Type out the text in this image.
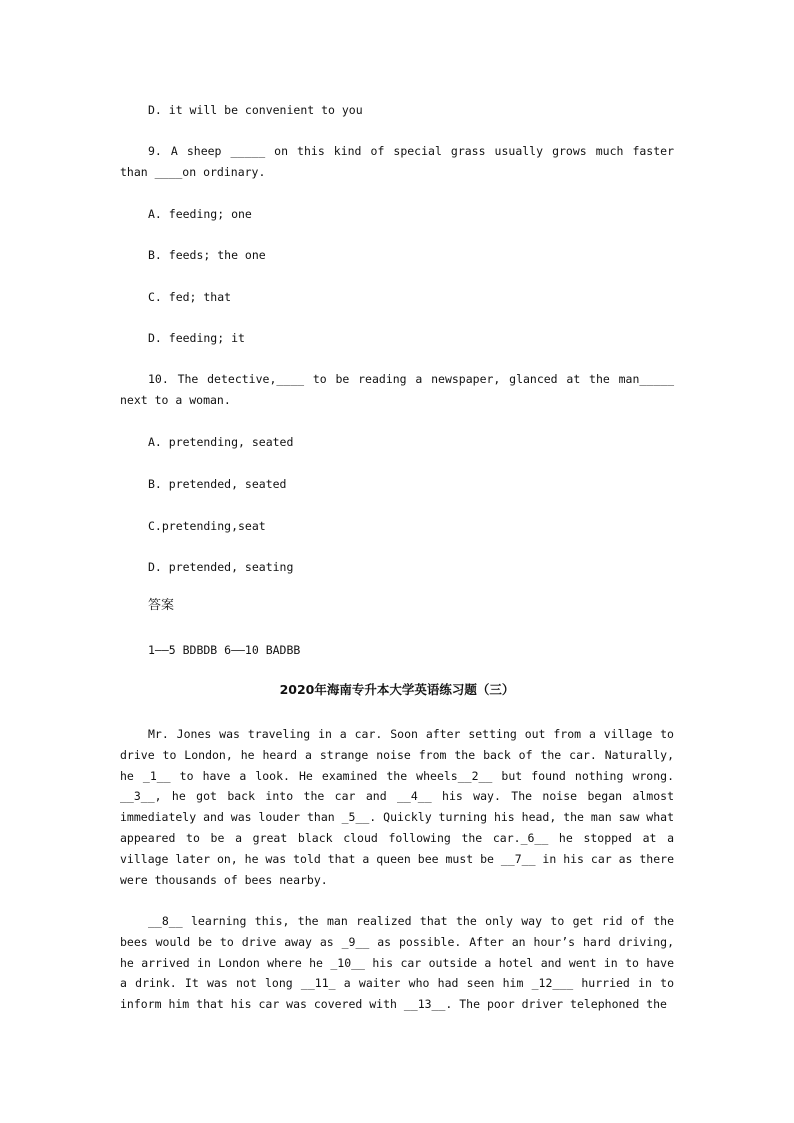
D. it will be convenient to you
9. A sheep _____ on this kind of special grass usually grows much faster than ____on ordinary.
A. feeding; one
B. feeds; the one
C. fed; that
D. feeding; it
10. The detective,____ to be reading a newspaper, glanced at the man_____ next to a woman.
A. pretending, seated
B. pretended, seated
C.pretending,seat
D. pretended, seating
答案
1——5 BDBDB 6——10 BADBB
2020年海南专升本大学英语练习题（三）
Mr. Jones was traveling in a car. Soon after setting out from a village to drive to London, he heard a strange noise from the back of the car. Naturally, he _1__ to have a look. He examined the wheels__2__ but found nothing wrong. __3__, he got back into the car and __4__ his way. The noise began almost immediately and was louder than _5__. Quickly turning his head, the man saw what appeared to be a great black cloud following the car._6__ he stopped at a village later on, he was told that a queen bee must be __7__ in his car as there were thousands of bees nearby.
__8__ learning this, the man realized that the only way to get rid of the bees would be to drive away as _9__ as possible. After an hour’s hard driving, he arrived in London where he _10__ his car outside a hotel and went in to have a drink. It was not long __11_ a waiter who had seen him _12___ hurried in to inform him that his car was covered with __13__. The poor driver telephoned the
